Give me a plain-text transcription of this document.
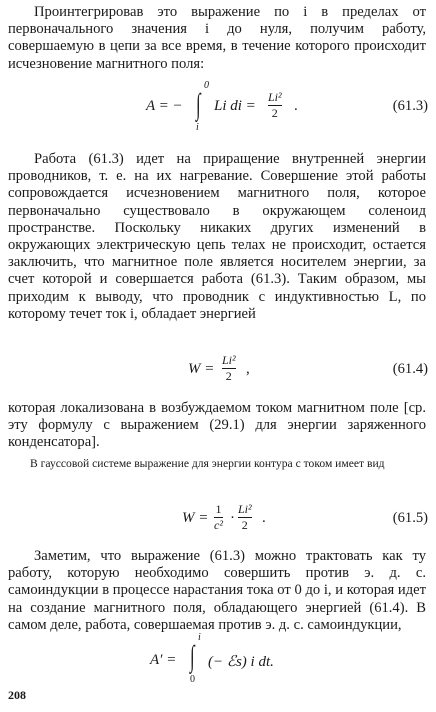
Проинтегрировав это выражение по i в пределах от первоначального значения i до нуля, получим работу, совершаемую в цепи за все время, в течение которого происходит исчезновение магнитного поля:
A = − ∫
0
i
Li di =
Li²
2 .	(61.3)
Работа (61.3) идет на приращение внутренней энергии проводников, т. е. на их нагревание. Совершение этой работы сопровождается исчезновением магнитного поля, которое первоначально существовало в окружающем соленоид пространстве. Поскольку никаких других изменений в окружающих электрическую цепь телах не происходит, остается заключить, что магнитное поле является носителем энергии, за счет которой и совершается работа (61.3). Таким образом, мы приходим к выводу, что проводник с индуктивностью L, по которому течет ток i, обладает энергией
W =
Li²
2 ,	(61.4)
которая локализована в возбуждаемом током магнитном поле [ср. эту формулу с выражением (29.1) для энергии заряженного конденсатора].
В гауссовой системе выражение для энергии контура с током имеет вид
W =
1
c² ·
Li²
2 .	(61.5)
Заметим, что выражение (61.3) можно трактовать как ту работу, которую необходимо совершить против э. д. с. самоиндукции в процессе нарастания тока от 0 до i, и которая идет на создание магнитного поля, обладающего энергией (61.4). В самом деле, работа, совершаемая против э. д. с. самоиндукции,
A′ = ∫
i
0
(− ℰs) i dt.
208
